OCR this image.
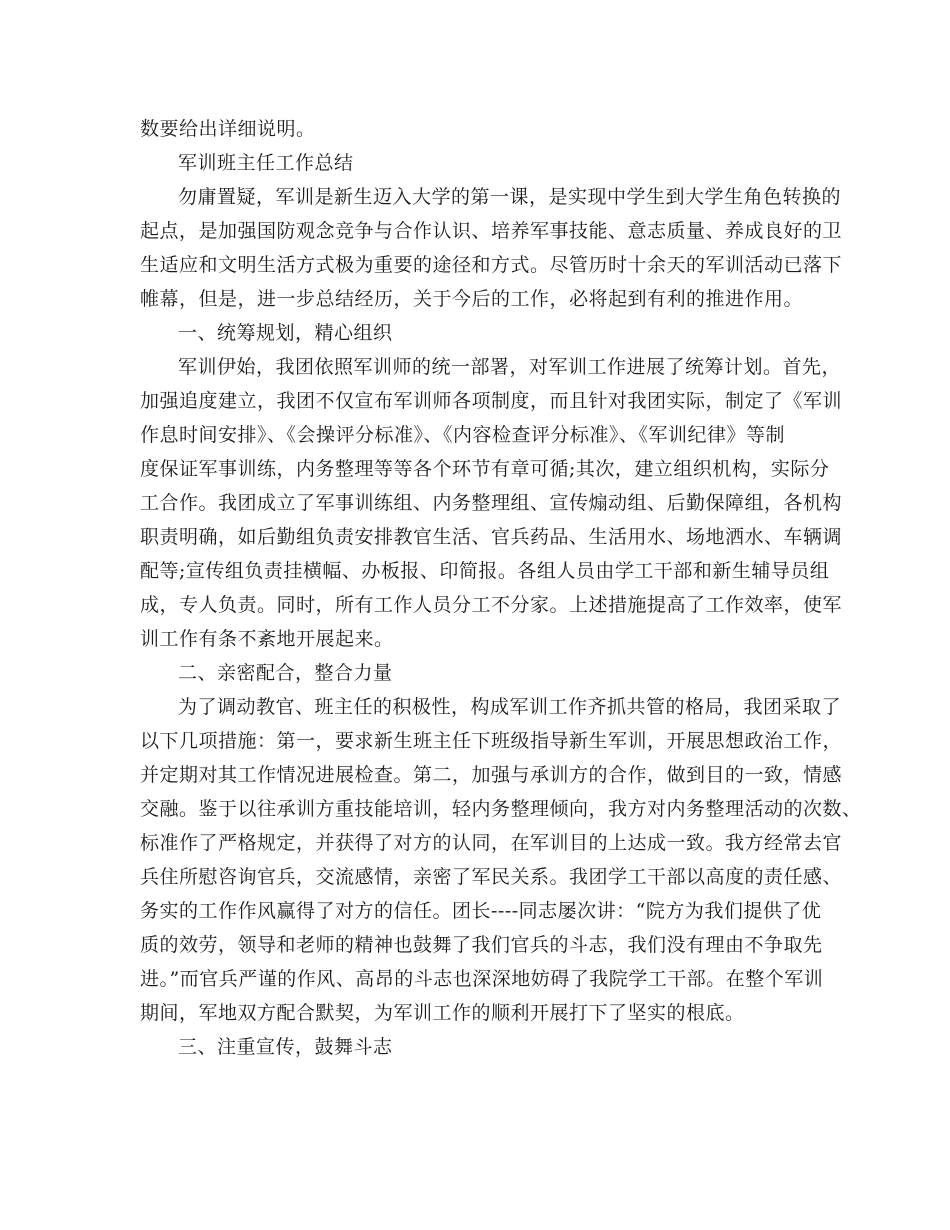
数要给出详细说明。
军训班主任工作总结
勿庸置疑，军训是新生迈入大学的第一课，是实现中学生到大学生角色转换的
起点，是加强国防观念竞争与合作认识、培养军事技能、意志质量、养成良好的卫
生适应和文明生活方式极为重要的途径和方式。尽管历时十余天的军训活动已落下
帷幕，但是，进一步总结经历，关于今后的工作，必将起到有利的推进作用。
一、统筹规划，精心组织
军训伊始，我团依照军训师的统一部署，对军训工作进展了统筹计划。首先，
加强追度建立，我团不仅宣布军训师各项制度，而且针对我团实际，制定了《军训
作息时间安排》、《会操评分标准》、《内容检查评分标准》、《军训纪律》等制
度保证军事训练，内务整理等等各个环节有章可循;其次，建立组织机构，实际分
工合作。我团成立了军事训练组、内务整理组、宣传煽动组、后勤保障组，各机构
职责明确，如后勤组负责安排教官生活、官兵药品、生活用水、场地洒水、车辆调
配等;宣传组负责挂横幅、办板报、印简报。各组人员由学工干部和新生辅导员组
成，专人负责。同时，所有工作人员分工不分家。上述措施提高了工作效率，使军
训工作有条不紊地开展起来。
二、亲密配合，整合力量
为了调动教官、班主任的积极性，构成军训工作齐抓共管的格局，我团采取了
以下几项措施：第一，要求新生班主任下班级指导新生军训，开展思想政治工作，
并定期对其工作情况进展检查。第二，加强与承训方的合作，做到目的一致，情感
交融。鉴于以往承训方重技能培训，轻内务整理倾向，我方对内务整理活动的次数、
标准作了严格规定，并获得了对方的认同，在军训目的上达成一致。我方经常去官
兵住所慰咨询官兵，交流感情，亲密了军民关系。我团学工干部以高度的责任感、
务实的工作作风赢得了对方的信任。团长----同志屡次讲：“院方为我们提供了优
质的效劳，领导和老师的精神也鼓舞了我们官兵的斗志，我们没有理由不争取先
进。”而官兵严谨的作风、高昂的斗志也深深地妨碍了我院学工干部。在整个军训
期间，军地双方配合默契，为军训工作的顺利开展打下了坚实的根底。
三、注重宣传，鼓舞斗志
